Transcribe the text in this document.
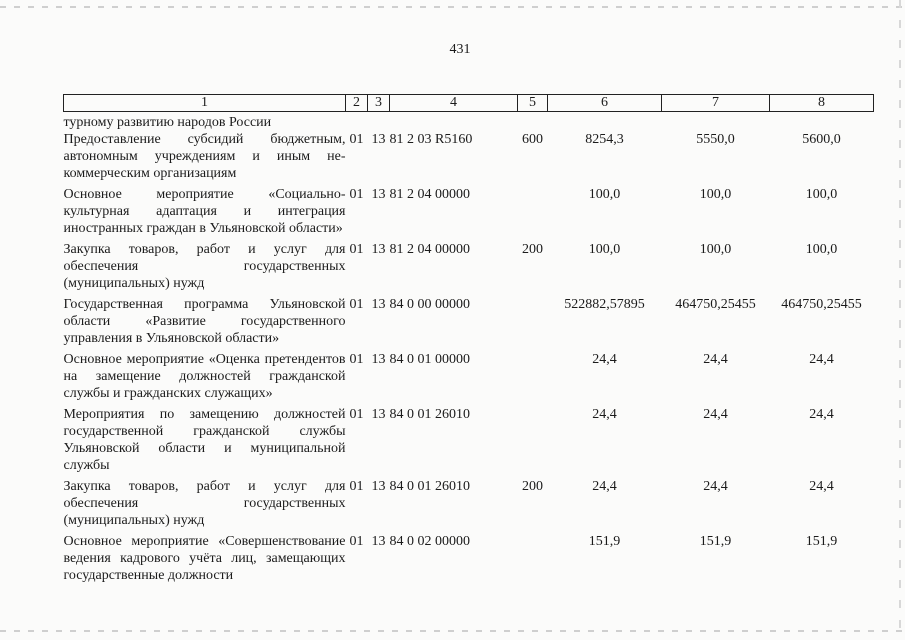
431
1	2	3	4	5	6	7	8
турному развитию народов России							
Предоставление субсидий бюджетным, автономным учреждениям и иным не-коммерческим организациям	01	13	81 2 03 R5160	600	8254,3	5550,0	5600,0
Основное мероприятие «Социально-культурная адаптация и интеграция иностранных граждан в Ульяновской области»	01	13	81 2 04 00000		100,0	100,0	100,0
Закупка товаров, работ и услуг для обеспечения государственных (муниципальных) нужд	01	13	81 2 04 00000	200	100,0	100,0	100,0
Государственная программа Ульяновской области «Развитие государственного управления в Ульяновской области»	01	13	84 0 00 00000		522882,57895	464750,25455	464750,25455
Основное мероприятие «Оценка претендентов на замещение должностей гражданской службы и гражданских служащих»	01	13	84 0 01 00000		24,4	24,4	24,4
Мероприятия по замещению должностей государственной гражданской службы Ульяновской области и муниципальной службы	01	13	84 0 01 26010		24,4	24,4	24,4
Закупка товаров, работ и услуг для обеспечения государственных (муниципальных) нужд	01	13	84 0 01 26010	200	24,4	24,4	24,4
Основное мероприятие «Совершенствование ведения кадрового учёта лиц, замещающих государственные должности	01	13	84 0 02 00000		151,9	151,9	151,9
